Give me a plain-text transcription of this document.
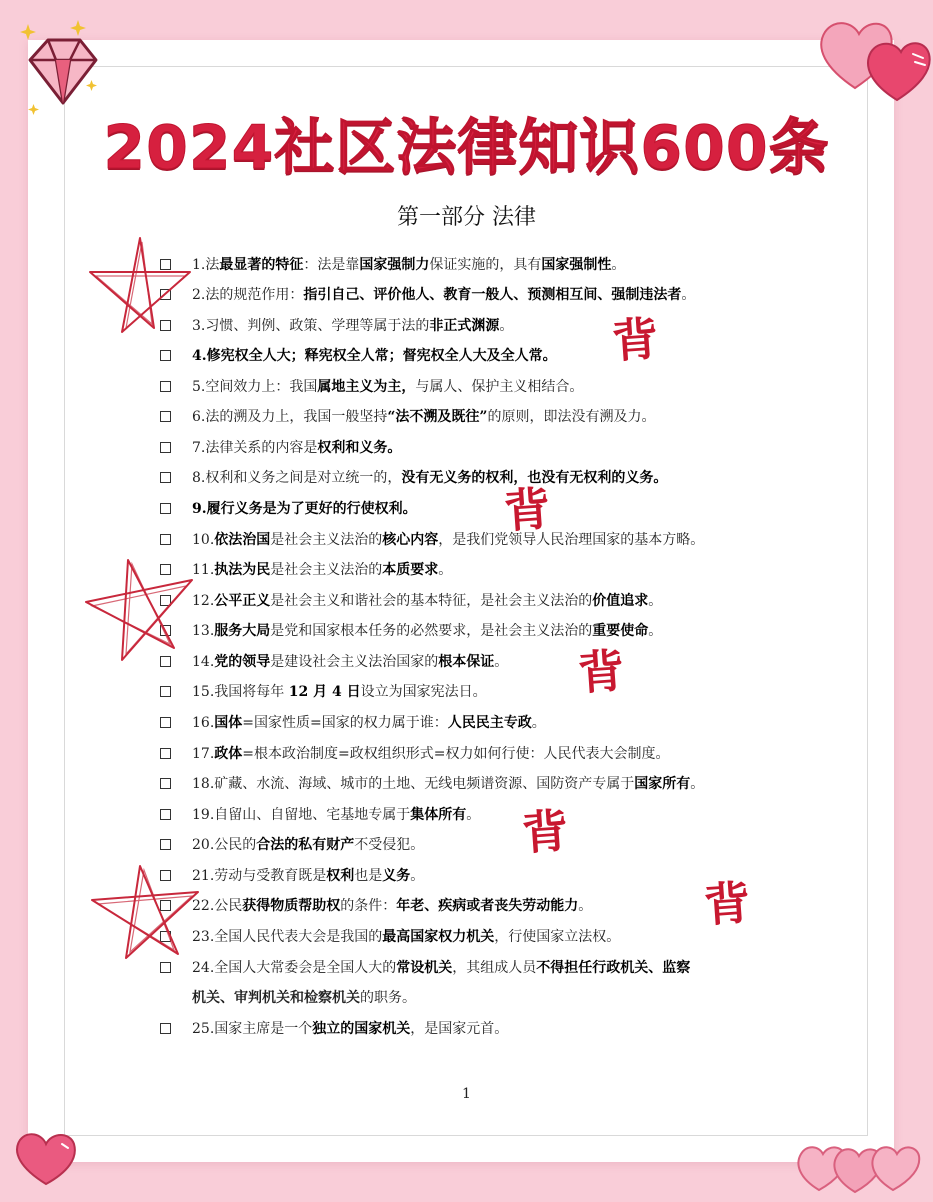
2024社区法律知识600条
第一部分 法律
1.法最显著的特征：法是靠国家强制力保证实施的，具有国家强制性。
2.法的规范作用：指引自己、评价他人、教育一般人、预测相互间、强制违法者。
3.习惯、判例、政策、学理等属于法的非正式渊源。
4.修宪权全人大；释宪权全人常；督宪权全人大及全人常。
5.空间效力上：我国属地主义为主，与属人、保护主义相结合。
6.法的溯及力上，我国一般坚持“法不溯及既往”的原则，即法没有溯及力。
7.法律关系的内容是权利和义务。
8.权利和义务之间是对立统一的，没有无义务的权利，也没有无权利的义务。
9.履行义务是为了更好的行使权利。
10.依法治国是社会主义法治的核心内容，是我们党领导人民治理国家的基本方略。
11.执法为民是社会主义法治的本质要求。
12.公平正义是社会主义和谐社会的基本特征，是社会主义法治的价值追求。
13.服务大局是党和国家根本任务的必然要求，是社会主义法治的重要使命。
14.党的领导是建设社会主义法治国家的根本保证。
15.我国将每年 12 月 4 日设立为国家宪法日。
16.国体=国家性质=国家的权力属于谁：人民民主专政。
17.政体=根本政治制度=政权组织形式=权力如何行使：人民代表大会制度。
18.矿藏、水流、海域、城市的土地、无线电频谱资源、国防资产专属于国家所有。
19.自留山、自留地、宅基地专属于集体所有。
20.公民的合法的私有财产不受侵犯。
21.劳动与受教育既是权利也是义务。
22.公民获得物质帮助权的条件：年老、疾病或者丧失劳动能力。
23.全国人民代表大会是我国的最高国家权力机关，行使国家立法权。
24.全国人大常委会是全国人大的常设机关，其组成人员不得担任行政机关、监察
机关、审判机关和检察机关的职务。
25.国家主席是一个独立的国家机关，是国家元首。
1
背
背
背
背
背
